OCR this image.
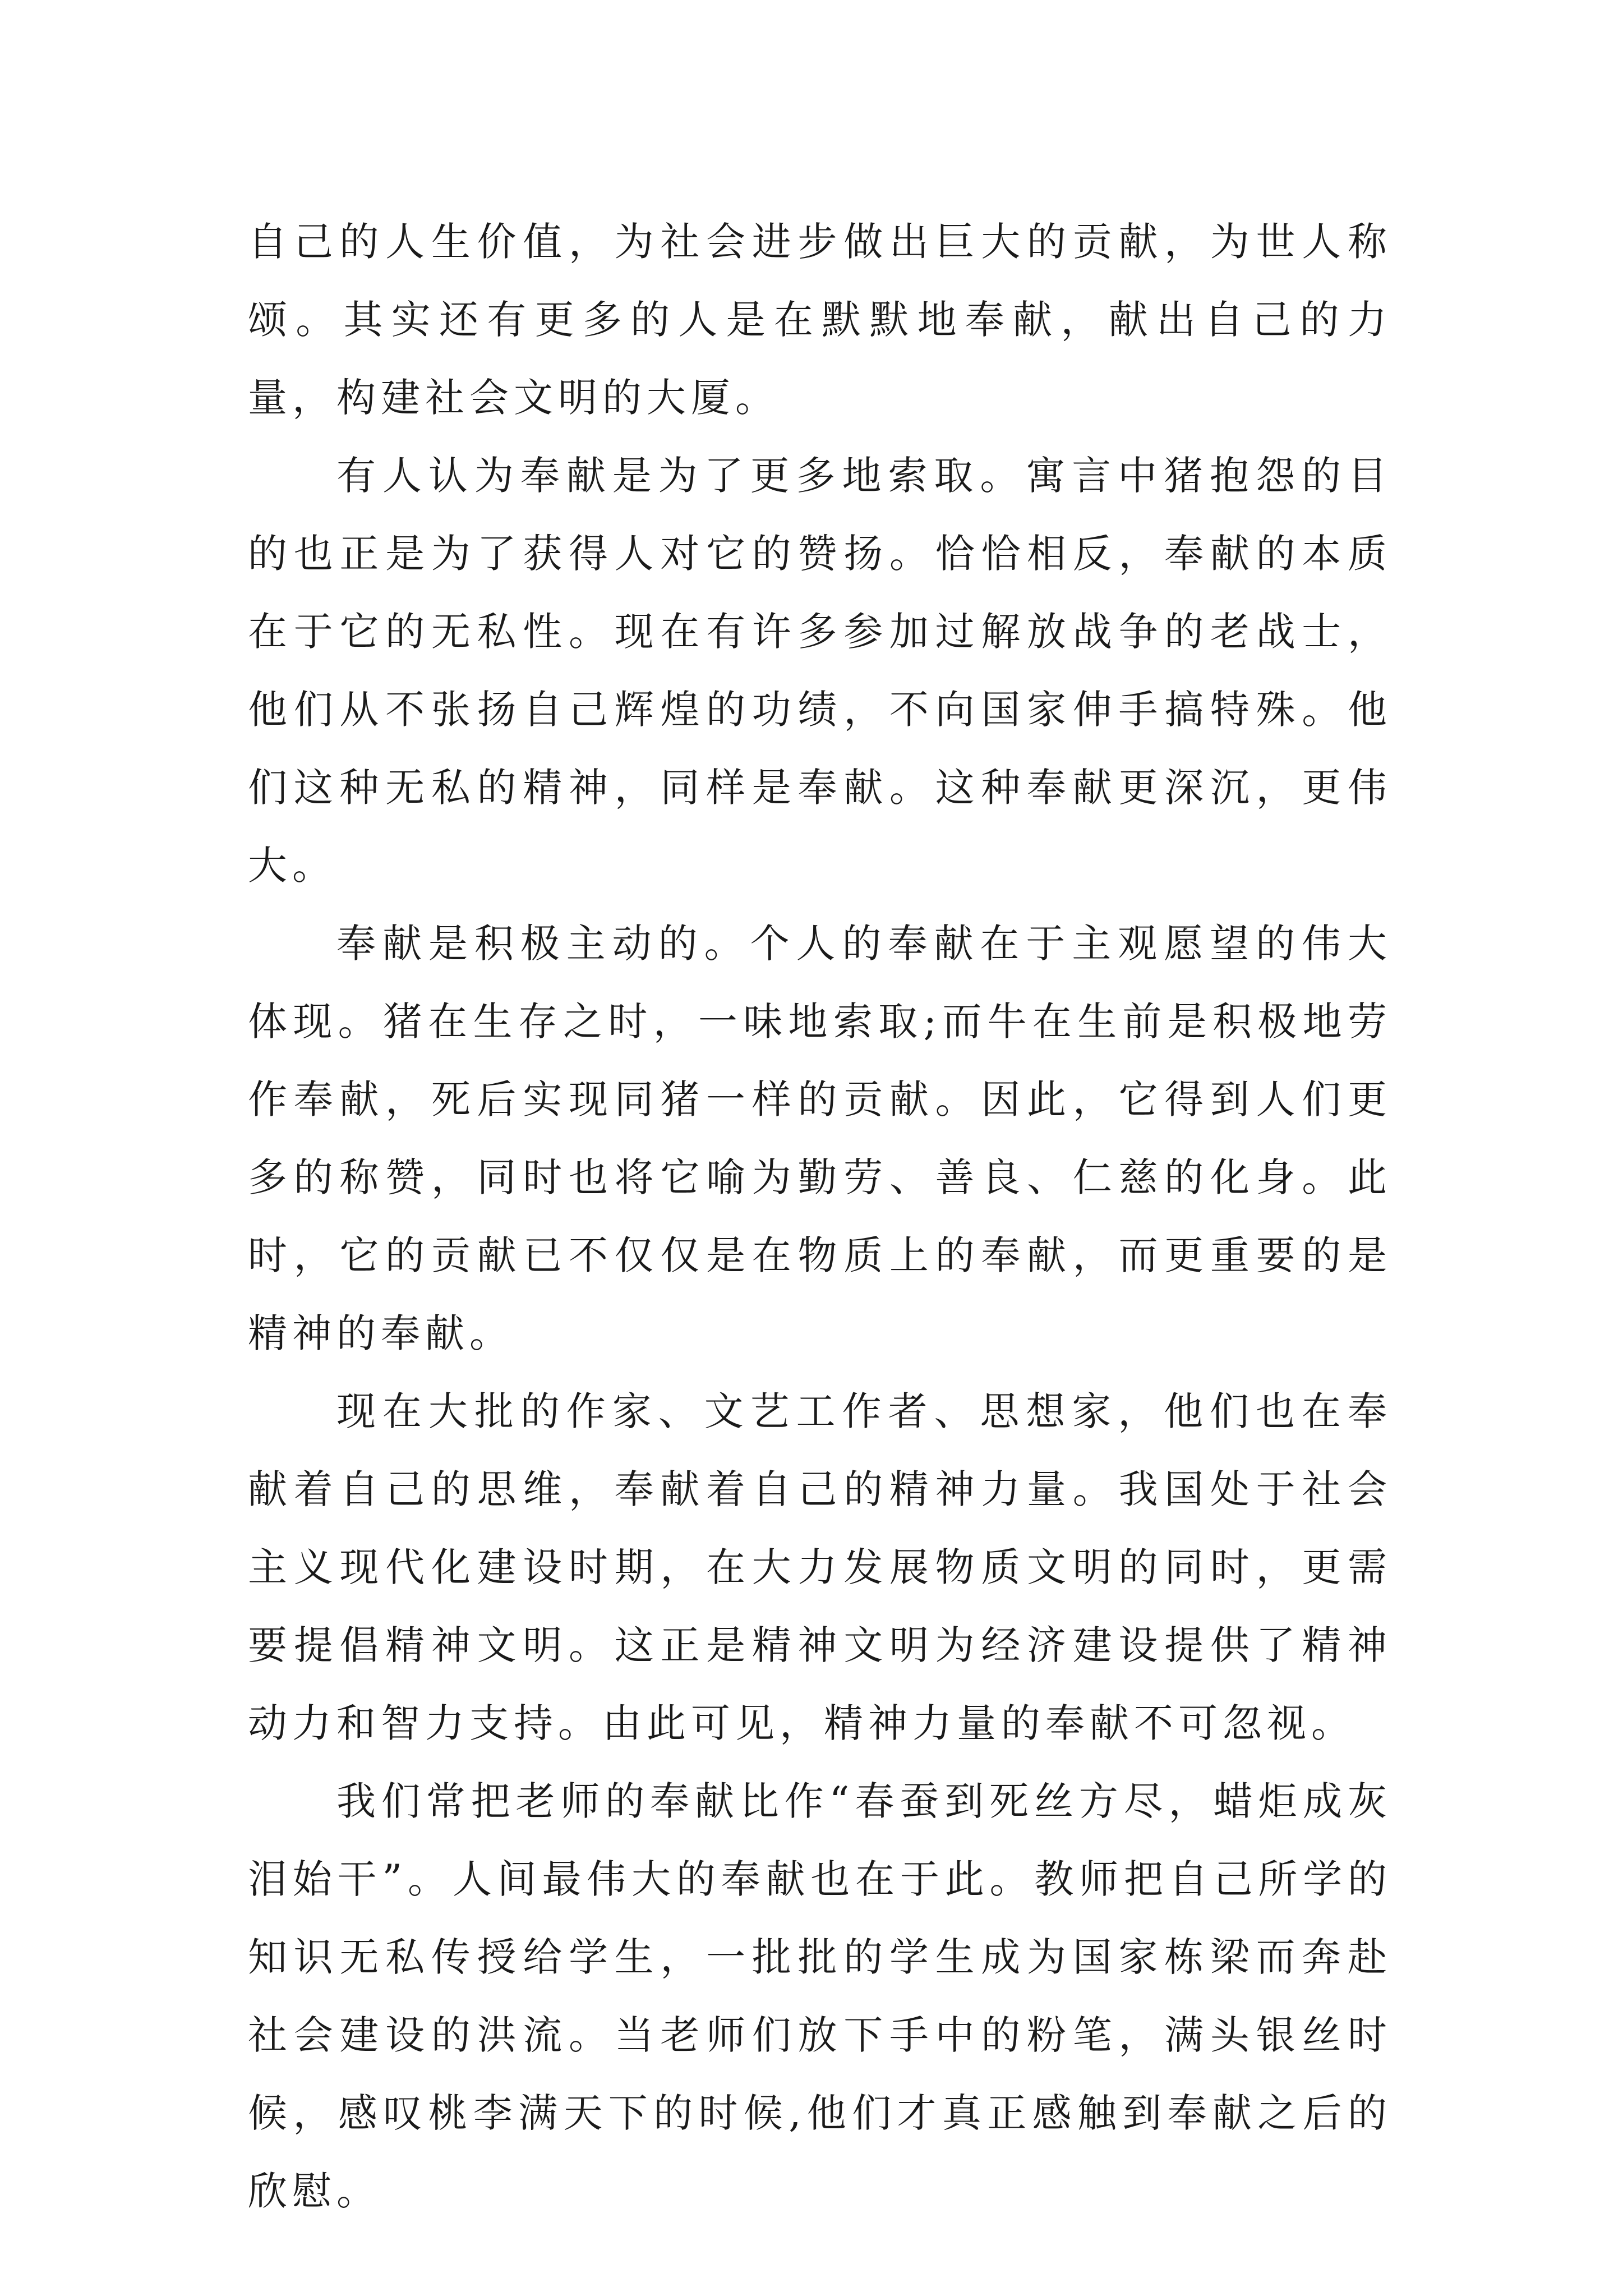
自己的人生价值，为社会进步做出巨大的贡献，为世人称颂。其实还有更多的人是在默默地奉献，献出自己的力量，构建社会文明的大厦。

有人认为奉献是为了更多地索取。寓言中猪抱怨的目的也正是为了获得人对它的赞扬。恰恰相反，奉献的本质在于它的无私性。现在有许多参加过解放战争的老战士，他们从不张扬自己辉煌的功绩，不向国家伸手搞特殊。他们这种无私的精神，同样是奉献。这种奉献更深沉，更伟大。

奉献是积极主动的。个人的奉献在于主观愿望的伟大体现。猪在生存之时，一味地索取;而牛在生前是积极地劳作奉献，死后实现同猪一样的贡献。因此，它得到人们更多的称赞，同时也将它喻为勤劳、善良、仁慈的化身。此时，它的贡献已不仅仅是在物质上的奉献，而更重要的是精神的奉献。

现在大批的作家、文艺工作者、思想家，他们也在奉献着自己的思维，奉献着自己的精神力量。我国处于社会主义现代化建设时期，在大力发展物质文明的同时，更需要提倡精神文明。这正是精神文明为经济建设提供了精神动力和智力支持。由此可见，精神力量的奉献不可忽视。

我们常把老师的奉献比作“春蚕到死丝方尽，蜡炬成灰泪始干”。人间最伟大的奉献也在于此。教师把自己所学的知识无私传授给学生，一批批的学生成为国家栋梁而奔赴社会建设的洪流。当老师们放下手中的粉笔，满头银丝时候，感叹桃李满天下的时候,他们才真正感触到奉献之后的欣慰。
